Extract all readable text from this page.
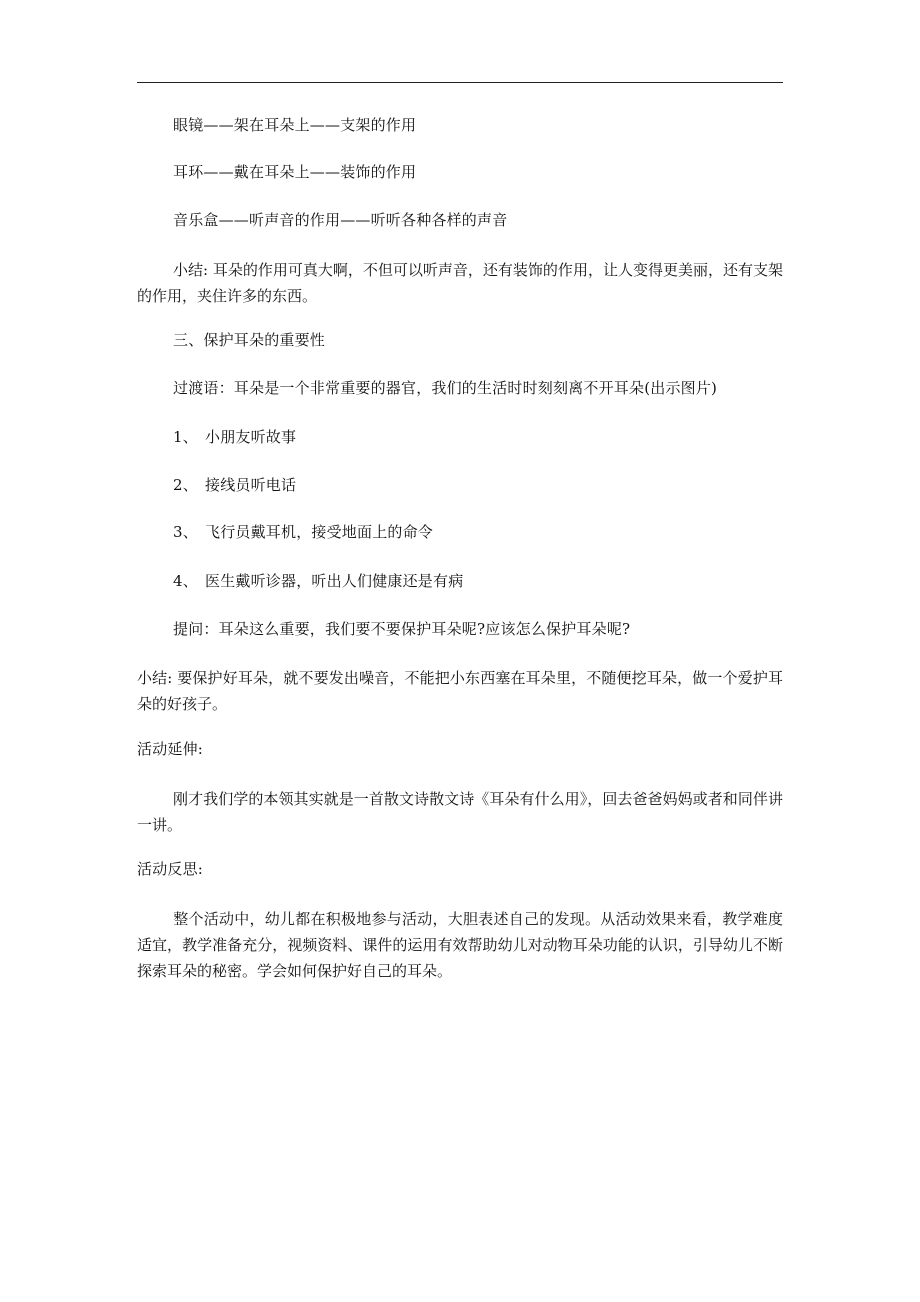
眼镜——架在耳朵上——支架的作用
耳环——戴在耳朵上——装饰的作用
音乐盒——听声音的作用——听听各种各样的声音
小结: 耳朵的作用可真大啊，不但可以听声音，还有装饰的作用，让人变得更美丽，还有支架的作用，夹住许多的东西。
三、保护耳朵的重要性
过渡语：耳朵是一个非常重要的器官，我们的生活时时刻刻离不开耳朵(出示图片)
1、 小朋友听故事
2、 接线员听电话
3、 飞行员戴耳机，接受地面上的命令
4、 医生戴听诊器，听出人们健康还是有病
提问：耳朵这么重要，我们要不要保护耳朵呢?应该怎么保护耳朵呢?
小结: 要保护好耳朵，就不要发出噪音，不能把小东西塞在耳朵里，不随便挖耳朵，做一个爱护耳朵的好孩子。
活动延伸:
刚才我们学的本领其实就是一首散文诗散文诗《耳朵有什么用》，回去爸爸妈妈或者和同伴讲一讲。
活动反思:
整个活动中，幼儿都在积极地参与活动，大胆表述自己的发现。从活动效果来看，教学难度适宜，教学准备充分，视频资料、课件的运用有效帮助幼儿对动物耳朵功能的认识，引导幼儿不断探索耳朵的秘密。学会如何保护好自己的耳朵。
